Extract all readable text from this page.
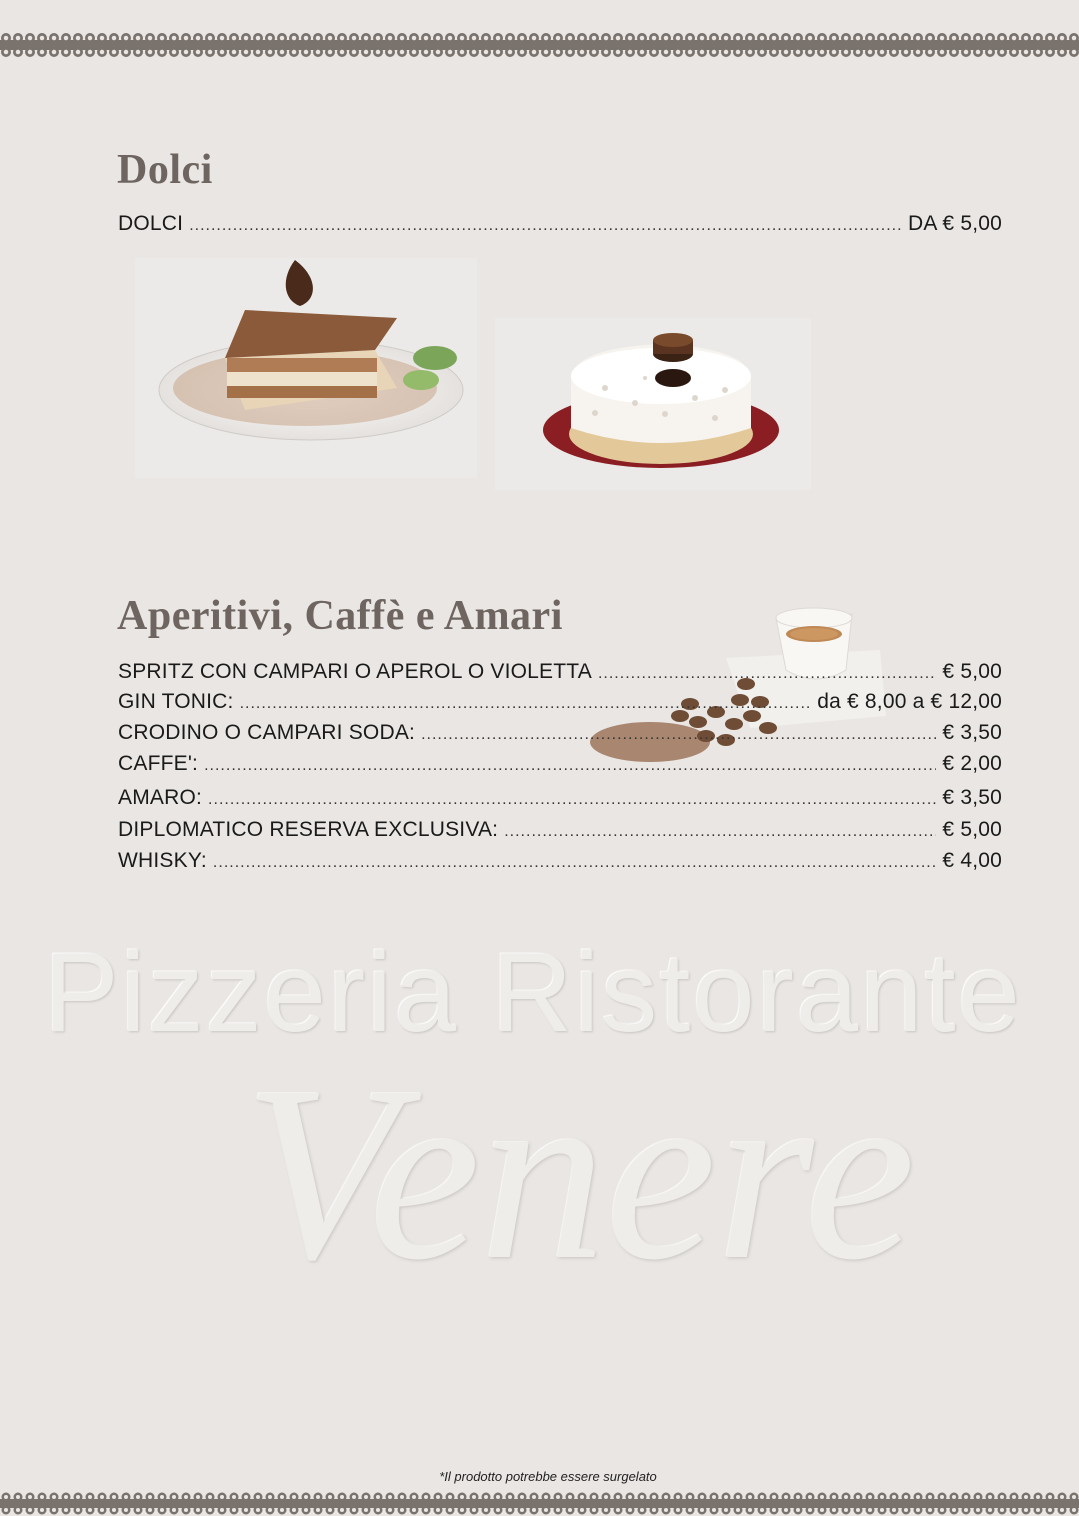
Dolci
DOLCI .....	DA € 5,00
Aperitivi, Caffè e Amari
SPRITZ CON CAMPARI O APEROL O VIOLETTA .....	€ 5,00
GIN TONIC: .....	da € 8,00 a € 12,00
CRODINO O CAMPARI SODA: .....	€ 3,50
CAFFE': .....	€ 2,00
AMARO: .....	€ 3,50
DIPLOMATICO RESERVA EXCLUSIVA: .....	€ 5,00
WHISKY: .....	€ 4,00
Pizzeria Ristorante
Venere
*Il prodotto potrebbe essere surgelato
